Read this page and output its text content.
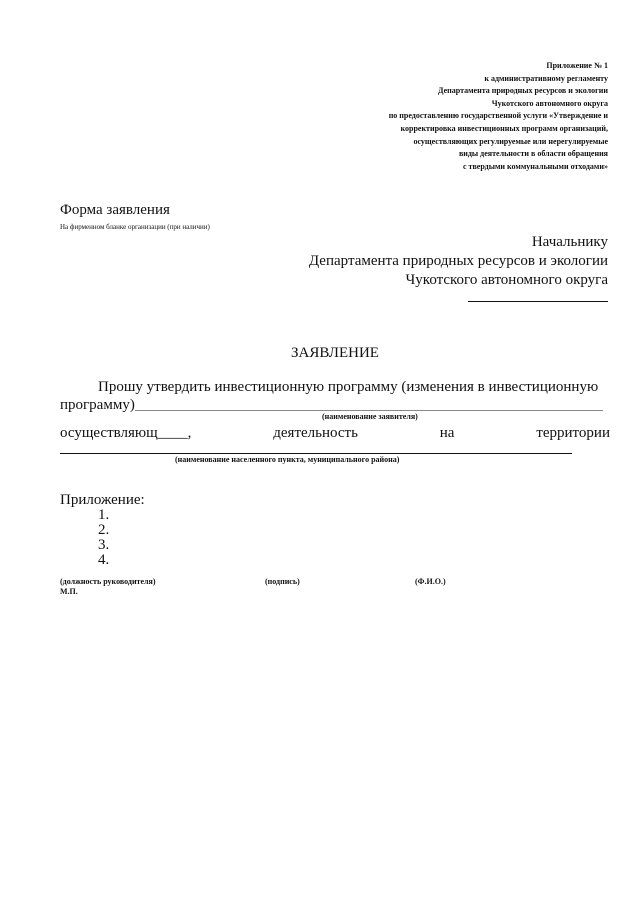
Приложение № 1
к административному регламенту
Департамента природных ресурсов и экологии
Чукотского автономного округа
по предоставлению государственной услуги «Утверждение и
корректировка инвестиционных программ организаций,
осуществляющих регулируемые или нерегулируемые
виды деятельности в области обращения
с твердыми коммунальными отходами»
Форма заявления
На фирменном бланке организации (при наличии)
Начальнику
Департамента природных ресурсов и экологии
Чукотского автономного округа
ЗАЯВЛЕНИЕ
Прошу утвердить инвестиционную программу (изменения в инвестиционную
программу)
(наименование заявителя)
осуществляющ____,	деятельность	на	территории
(наименование населенного пункта, муниципального района)
Приложение:
1.
2.
3.
4.
(должность руководителя)	(подпись)	(Ф.И.О.)
М.П.
